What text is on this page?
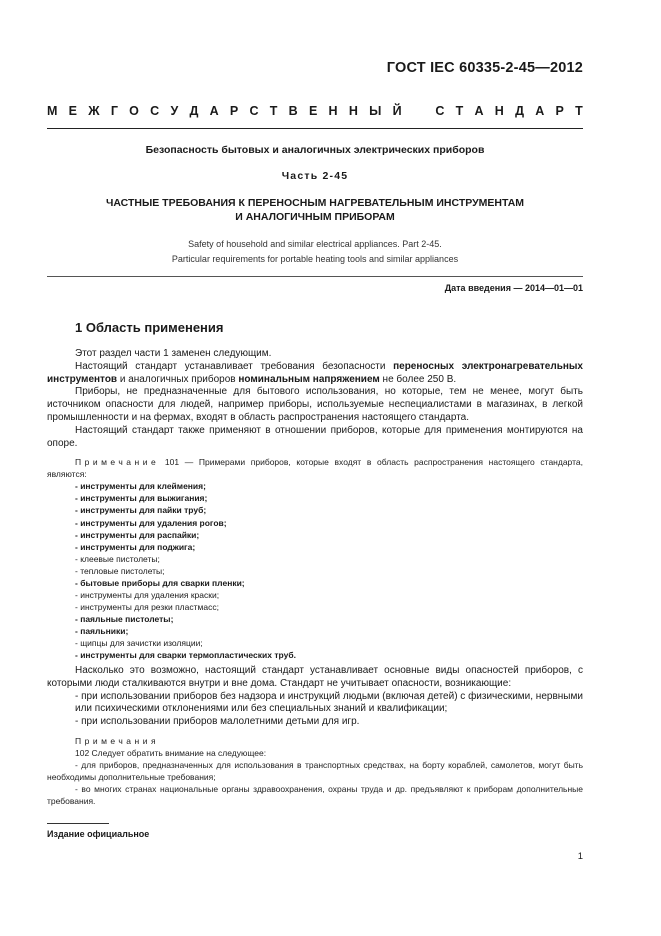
ГОСТ IEC 60335-2-45—2012
М Е Ж Г О С У Д А Р С Т В Е Н Н Ы Й	С Т А Н Д А Р Т
Безопасность бытовых и аналогичных электрических приборов
Часть 2-45
ЧАСТНЫЕ ТРЕБОВАНИЯ К ПЕРЕНОСНЫМ НАГРЕВАТЕЛЬНЫМ ИНСТРУМЕНТАМ
И АНАЛОГИЧНЫМ ПРИБОРАМ
Safety of household and similar electrical appliances. Part 2-45.
Particular requirements for portable heating tools and similar appliances
Дата введения — 2014—01—01
1 Область применения

Этот раздел части 1 заменен следующим.

Настоящий стандарт устанавливает требования безопасности переносных электронагревательных инструментов и аналогичных приборов номинальным напряжением не более 250 В.

Приборы, не предназначенные для бытового использования, но которые, тем не менее, могут быть источником опасности для людей, например приборы, используемые неспециалистами в магазинах, в легкой промышленности и на фермах, входят в область распространения настоящего стандарта.

Настоящий стандарт также применяют в отношении приборов, которые для применения монтируются на опоре.

Примечание 101 — Примерами приборов, которые входят в область распространения настоящего стандарта, являются:

- инструменты для клеймения;
- инструменты для выжигания;
- инструменты для пайки труб;
- инструменты для удаления рогов;
- инструменты для распайки;
- инструменты для поджига;
- клеевые пистолеты;
- тепловые пистолеты;
- бытовые приборы для сварки пленки;
- инструменты для удаления краски;
- инструменты для резки пластмасс;
- паяльные пистолеты;
- паяльники;
- щипцы для зачистки изоляции;
- инструменты для сварки термопластических труб.

Насколько это возможно, настоящий стандарт устанавливает основные виды опасностей приборов, с которыми люди сталкиваются внутри и вне дома. Стандарт не учитывает опасности, возникающие:

- при использовании приборов без надзора и инструкций людьми (включая детей) с физическими, нервными или психическими отклонениями или без специальных знаний и квалификации;
- при использовании приборов малолетними детьми для игр.

Примечания

102 Следует обратить внимание на следующее:

- для приборов, предназначенных для использования в транспортных средствах, на борту кораблей, самолетов, могут быть необходимы дополнительные требования;

- во многих странах национальные органы здравоохранения, охраны труда и др. предъявляют к приборам дополнительные требования.

Издание официальное
1
